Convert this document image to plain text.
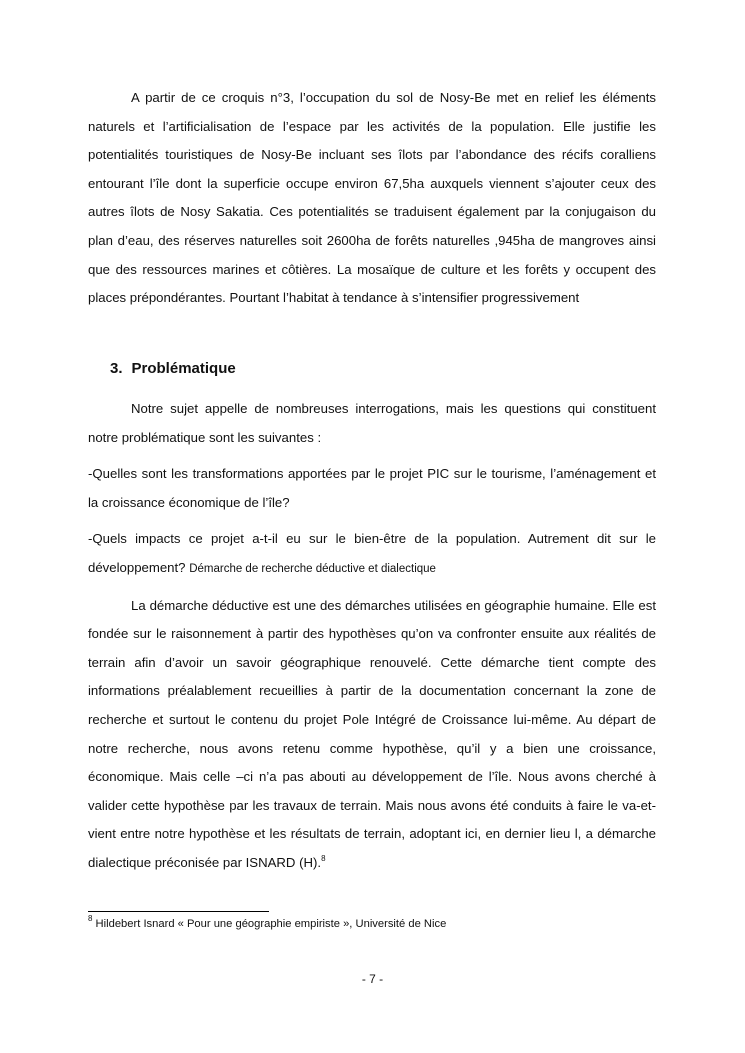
A partir de ce croquis n°3, l’occupation du sol de Nosy-Be met en relief les éléments naturels et l’artificialisation de l’espace par les activités de la population. Elle justifie les potentialités touristiques de Nosy-Be incluant ses îlots par l’abondance des récifs coralliens entourant l’île dont la superficie occupe environ 67,5ha auxquels viennent s’ajouter ceux des autres îlots de Nosy Sakatia. Ces potentialités se traduisent également par la conjugaison du plan d’eau, des réserves naturelles soit 2600ha de forêts naturelles ,945ha de mangroves ainsi que des ressources marines et côtières. La mosaïque de culture et les forêts y occupent des places prépondérantes. Pourtant l’habitat à tendance à s’intensifier progressivement

3. Problématique

Notre sujet appelle de nombreuses interrogations, mais les questions qui constituent notre problématique sont les suivantes :

-Quelles sont les transformations apportées par le projet PIC sur le tourisme, l’aménagement et la croissance économique de l’île?

-Quels impacts ce projet a-t-il eu sur le bien-être de la population. Autrement dit sur le développement? Démarche de recherche déductive et dialectique

La démarche déductive est une des démarches utilisées en géographie humaine. Elle est fondée sur le raisonnement à partir des hypothèses qu’on va confronter ensuite aux réalités de terrain afin d’avoir un savoir géographique renouvelé. Cette démarche tient compte des informations préalablement recueillies à partir de la documentation concernant la zone de recherche et surtout le contenu du projet Pole Intégré de Croissance lui-même. Au départ de notre recherche, nous avons retenu comme hypothèse, qu’il y a bien une croissance, économique. Mais celle –ci n’a pas abouti au développement de l’île. Nous avons cherché à valider cette hypothèse par les travaux de terrain. Mais nous avons été conduits à faire le va-et-vient entre notre hypothèse et les résultats de terrain, adoptant ici, en dernier lieu l, a démarche dialectique préconisée par ISNARD (H).$^8$

$^8$ Hildebert Isnard « Pour une géographie empiriste », Université de Nice
- 7 -
